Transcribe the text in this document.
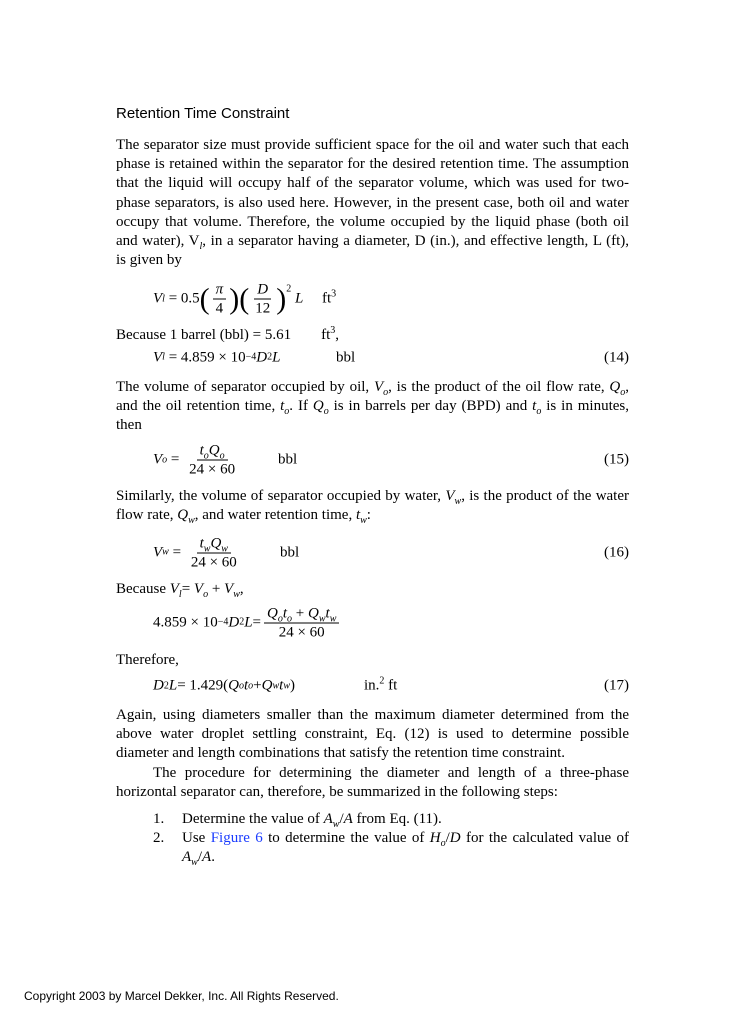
Retention Time Constraint

The separator size must provide sufficient space for the oil and water such that each phase is retained within the separator for the desired retention time. The assumption that the liquid will occupy half of the separator volume, which was used for two-phase separators, is also used here. However, in the present case, both oil and water occupy that volume. Therefore, the volume occupied by the liquid phase (both oil and water), $V_l$, in a separator having a diameter, D (in.), and effective length, L (ft), is given by

V l
= 0.5 ( $\frac{\pi}{4}$ ) ( $\frac{D}{12} )^2$

L $ft^3$

Because 1 barrel (bbl) = 5.61 $ft^3$,

V l
= 4.859 × 10 −4 D 2 L	bbl	(14)

The volume of separator occupied by oil, $V_o$, is the product of the oil flow rate, $Q_o$, and the oil retention time, $t_o$. If $Q_o$ is in barrels per day (BPD) and $t_o$ is in minutes, then

V $o = \frac{t_oQ_o}{24 \times 60}$	bbl	(15)

Similarly, the volume of separator occupied by water, $V_w$, is the product of the water flow rate, $Q_w$, and water retention time, $t_w$:

V $w = \frac{t_wQ_w}{24 \times 60}$	bbl	(16)

Because $V_l= V_o + V_w$,

4.859 × 10 −4 D 2 $L = \frac{Q_ot_o + Q_wt_w}{24 \times 60}$

Therefore,

D 2 L = 1.429( Q o t o + Q w t w )	in.$^2$ ft	(17)

Again, using diameters smaller than the maximum diameter determined from the above water droplet settling constraint, Eq. (12) is used to determine possible diameter and length combinations that satisfy the retention time constraint.

The procedure for determining the diameter and length of a three-phase horizontal separator can, therefore, be summarized in the following steps:

1. Determine the value of $A_w/A$ from Eq. (11).
2. Use Figure 6 to determine the value of $H_o/D$ for the calculated value of $A_w/A$.
Copyright 2003 by Marcel Dekker, Inc. All Rights Reserved.
